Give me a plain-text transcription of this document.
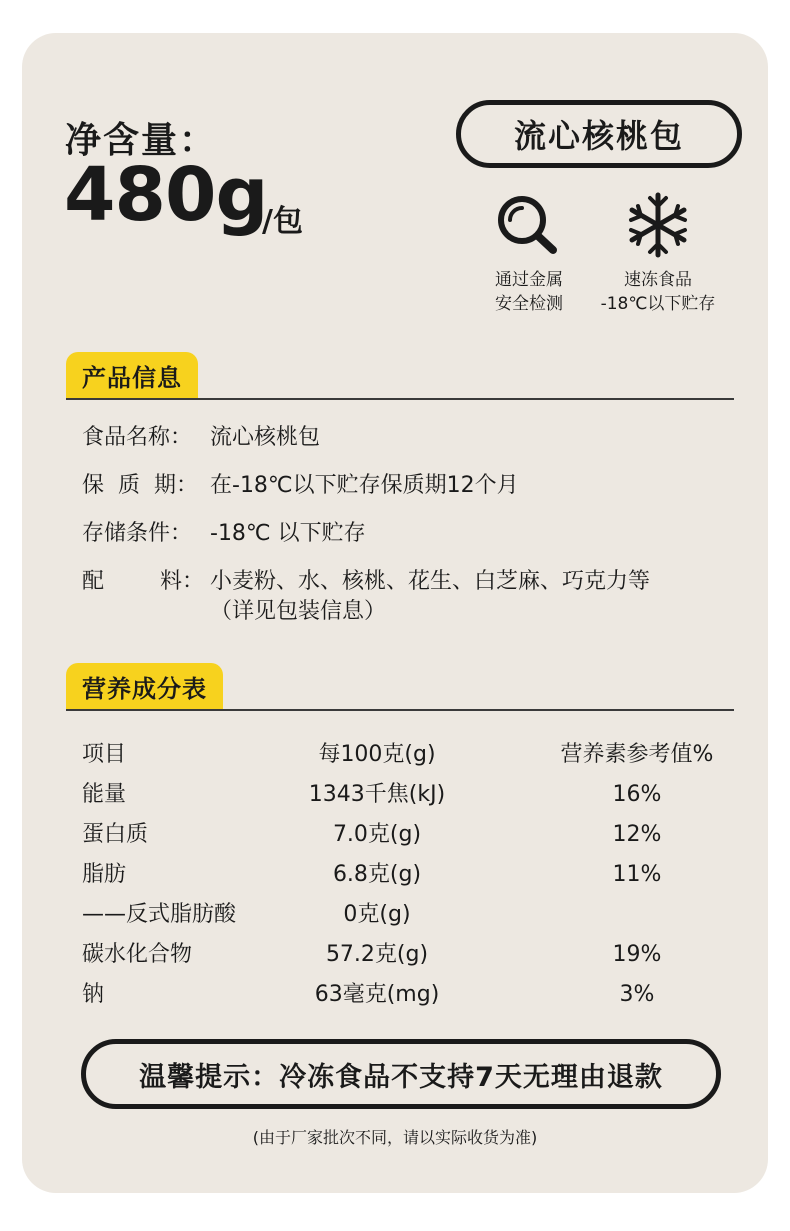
净含量：
480g
/包
流心核桃包
通过金属
安全检测
速冻食品
-18℃以下贮存
产品信息
食品名称： 流心核桃包
保  质  期： 在-18℃以下贮存保质期12个月
存储条件： -18℃ 以下贮存
配        料： 小麦粉、水、核桃、花生、白芝麻、巧克力等
（详见包装信息）
营养成分表
项目	每100克(g)	营养素参考值%
能量	1343千焦(kJ)	16%
蛋白质	7.0克(g)	12%
脂肪	6.8克(g)	11%
——反式脂肪酸	0克(g)
碳水化合物	57.2克(g)	19%
钠	63毫克(mg)	3%
温馨提示：冷冻食品不支持7天无理由退款
(由于厂家批次不同，请以实际收货为准)
